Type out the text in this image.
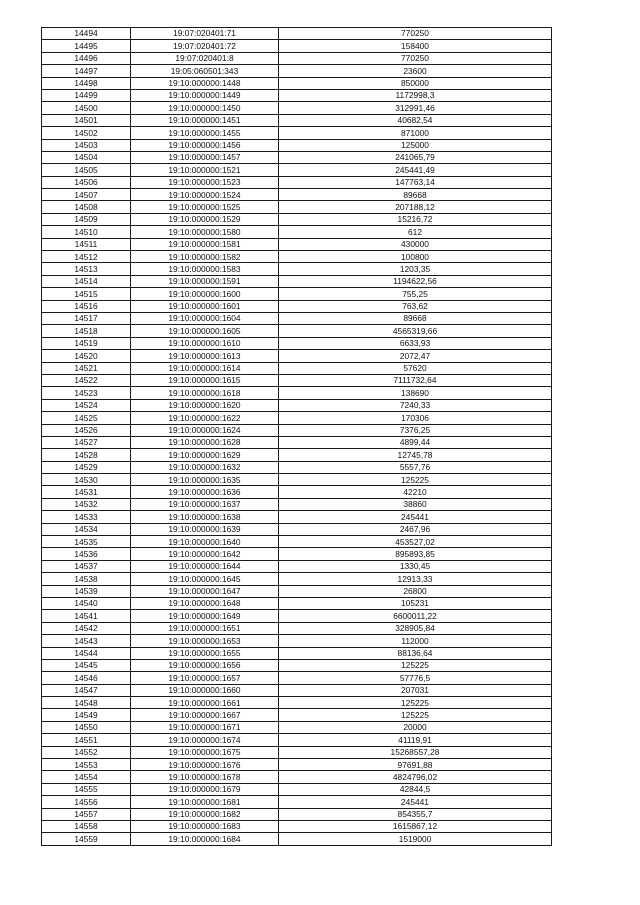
14494	19:07:020401:71	770250
14495	19:07:020401:72	158400
14496	19:07:020401:8	770250
14497	19:05:060501:343	23600
14498	19:10:000000:1448	850000
14499	19:10:000000:1449	1172998,3
14500	19:10:000000:1450	312991,46
14501	19:10:000000:1451	40682,54
14502	19:10:000000:1455	871000
14503	19:10:000000:1456	125000
14504	19:10:000000:1457	241065,79
14505	19:10:000000:1521	245441,49
14506	19:10:000000:1523	147763,14
14507	19:10:000000:1524	89668
14508	19:10:000000:1525	207188,12
14509	19:10:000000:1529	15216,72
14510	19:10:000000:1580	612
14511	19:10:000000:1581	430000
14512	19:10:000000:1582	100800
14513	19:10:000000:1583	1203,35
14514	19:10:000000:1591	1194622,56
14515	19:10:000000:1600	755,25
14516	19:10:000000:1601	763,62
14517	19:10:000000:1604	89668
14518	19:10:000000:1605	4565319,66
14519	19:10:000000:1610	6633,93
14520	19:10:000000:1613	2072,47
14521	19:10:000000:1614	57620
14522	19:10:000000:1615	7111732,64
14523	19:10:000000:1618	138690
14524	19:10:000000:1620	7240,33
14525	19:10:000000:1622	170306
14526	19:10:000000:1624	7376,25
14527	19:10:000000:1628	4899,44
14528	19:10:000000:1629	12745,78
14529	19:10:000000:1632	5557,76
14530	19:10:000000:1635	125225
14531	19:10:000000:1636	42210
14532	19:10:000000:1637	38860
14533	19:10:000000:1638	245441
14534	19:10:000000:1639	2467,96
14535	19:10:000000:1640	453527,02
14536	19:10:000000:1642	895893,85
14537	19:10:000000:1644	1330,45
14538	19:10:000000:1645	12913,33
14539	19:10:000000:1647	26800
14540	19:10:000000:1648	105231
14541	19:10:000000:1649	6600011,22
14542	19:10:000000:1651	328905,84
14543	19:10:000000:1653	112000
14544	19:10:000000:1655	88136,64
14545	19:10:000000:1656	125225
14546	19:10:000000:1657	57776,5
14547	19:10:000000:1660	207031
14548	19:10:000000:1661	125225
14549	19:10:000000:1667	125225
14550	19:10:000000:1671	20000
14551	19:10:000000:1674	41119,91
14552	19:10:000000:1675	15268557,28
14553	19:10:000000:1676	97691,88
14554	19:10:000000:1678	4824796,02
14555	19:10:000000:1679	42844,5
14556	19:10:000000:1681	245441
14557	19:10:000000:1682	854355,7
14558	19:10:000000:1683	1615867,12
14559	19:10:000000:1684	1519000
